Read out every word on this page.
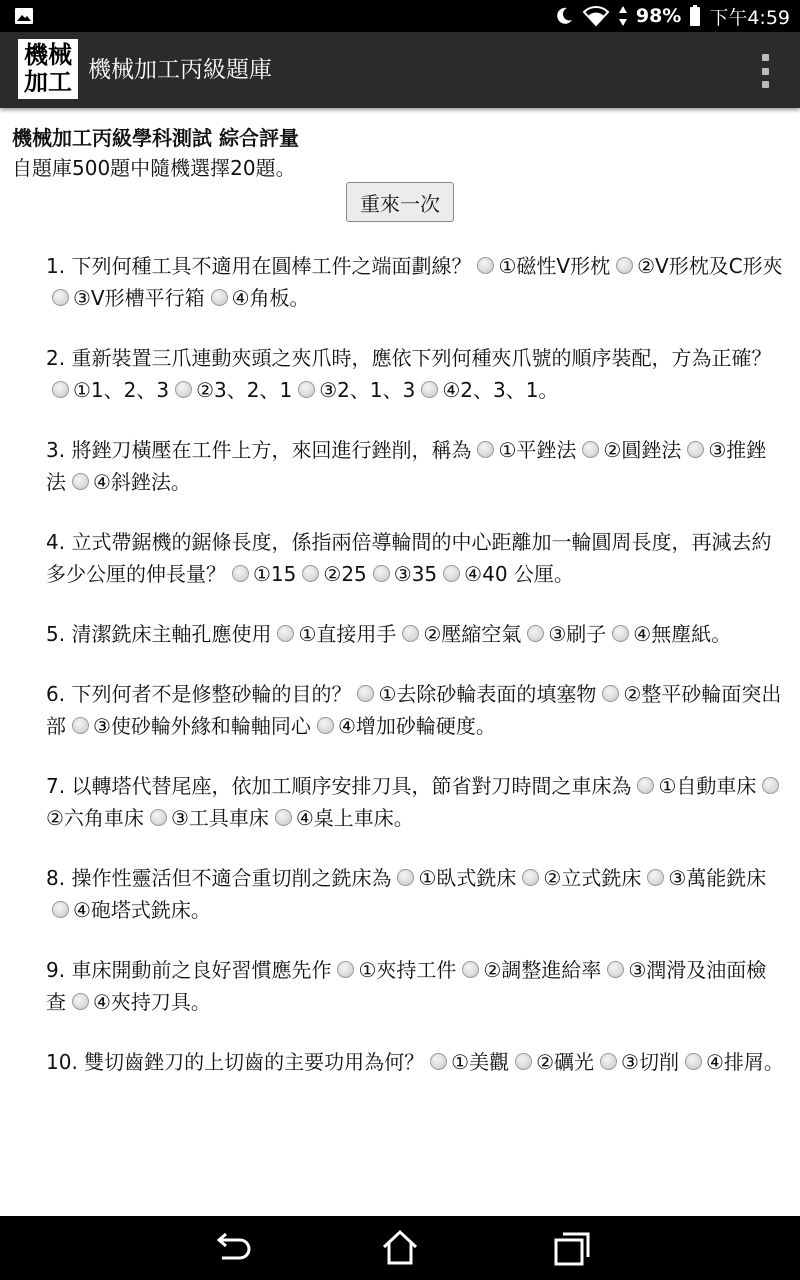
98% 下午4:59
機械
加工 機械加工丙級題庫
機械加工丙級學科測試 綜合評量
自題庫500題中隨機選擇20題。
重來一次
1. 下列何種工具不適用在圓棒工件之端面劃線？ ①磁性V形枕 ②V形枕及C形夾③V形槽平行箱 ④角板。
2. 重新裝置三爪連動夾頭之夾爪時，應依下列何種夾爪號的順序裝配，方為正確？①1、2、3 ②3、2、1 ③2、1、3 ④2、3、1。
3. 將銼刀橫壓在工件上方，來回進行銼削，稱為 ①平銼法 ②圓銼法 ③推銼法 ④斜銼法。
4. 立式帶鋸機的鋸條長度，係指兩倍導輪間的中心距離加一輪圓周長度，再減去約多少公厘的伸長量？ ①15 ②25 ③35 ④40 公厘。
5. 清潔銑床主軸孔應使用 ①直接用手 ②壓縮空氣 ③刷子 ④無塵紙。
6. 下列何者不是修整砂輪的目的？ ①去除砂輪表面的填塞物 ②整平砂輪面突出部 ③使砂輪外緣和輪軸同心 ④增加砂輪硬度。
7. 以轉塔代替尾座，依加工順序安排刀具，節省對刀時間之車床為 ①自動車床②六角車床 ③工具車床 ④桌上車床。
8. 操作性靈活但不適合重切削之銑床為 ①臥式銑床 ②立式銑床 ③萬能銑床④砲塔式銑床。
9. 車床開動前之良好習慣應先作 ①夾持工件 ②調整進給率 ③潤滑及油面檢查 ④夾持刀具。
10. 雙切齒銼刀的上切齒的主要功用為何？ ①美觀 ②礪光 ③切削 ④排屑。
